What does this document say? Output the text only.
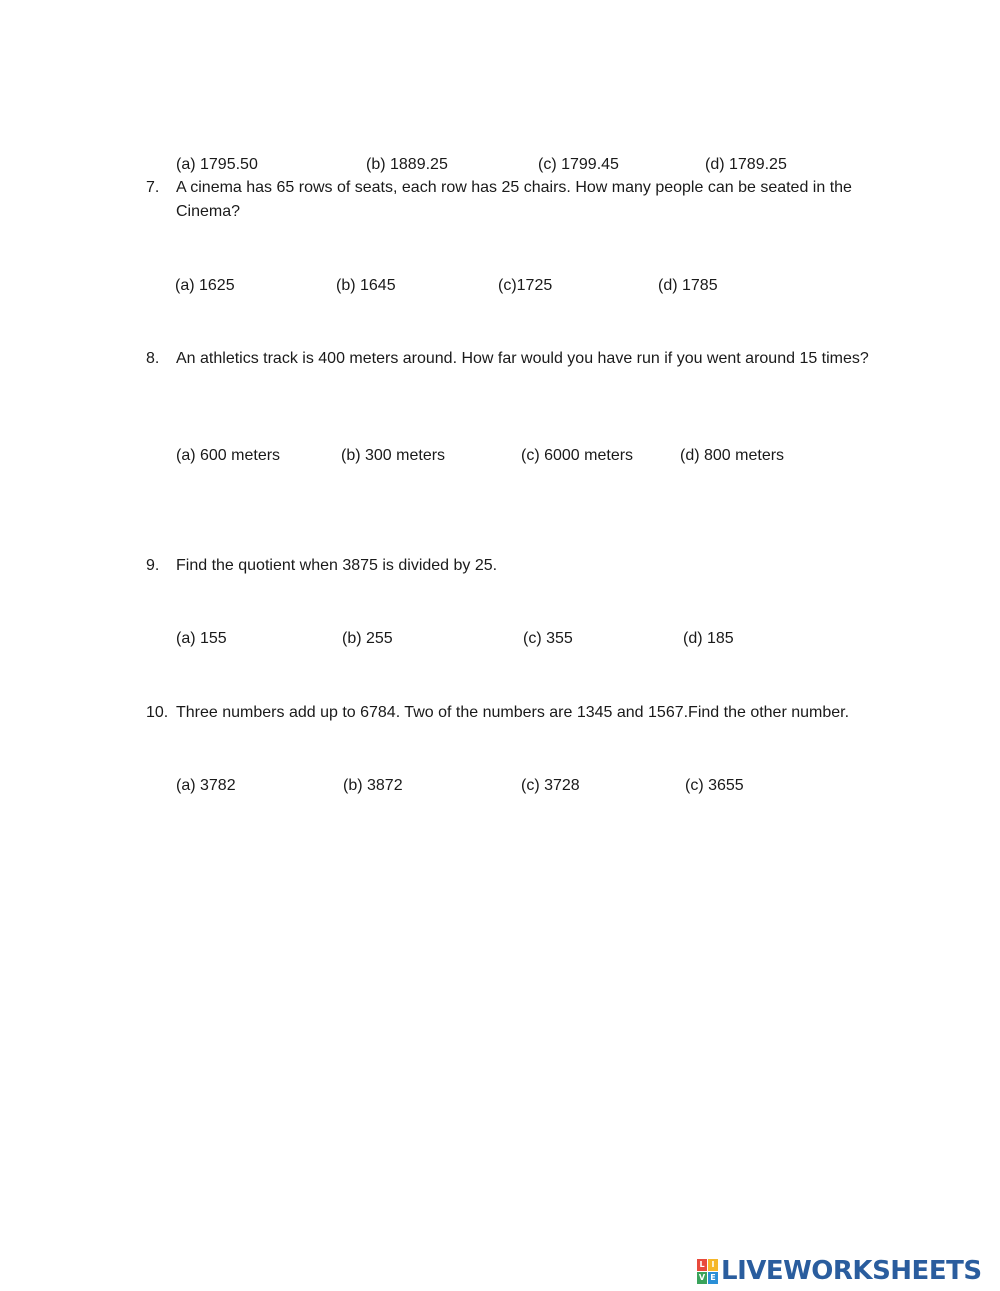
(a) 1795.50	(b) 1889.25	(c) 1799.45	(d) 1789.25
7. A cinema has 65 rows of seats, each row has 25 chairs. How many people can be seated in the Cinema?
(a) 1625	(b) 1645	(c)1725	(d) 1785
8. An athletics track is 400 meters around. How far would you have run if you went around 15 times?
(a) 600 meters	(b) 300 meters	(c) 6000 meters	(d) 800 meters
9. Find the quotient when 3875 is divided by 25.
(a) 155	(b) 255	(c) 355	(d) 185
10. Three numbers add up to 6784. Two of the numbers are 1345 and 1567.Find the other number.
(a) 3782	(b) 3872	(c) 3728	(c) 3655
L I
V E LIVEWORKSHEETS
